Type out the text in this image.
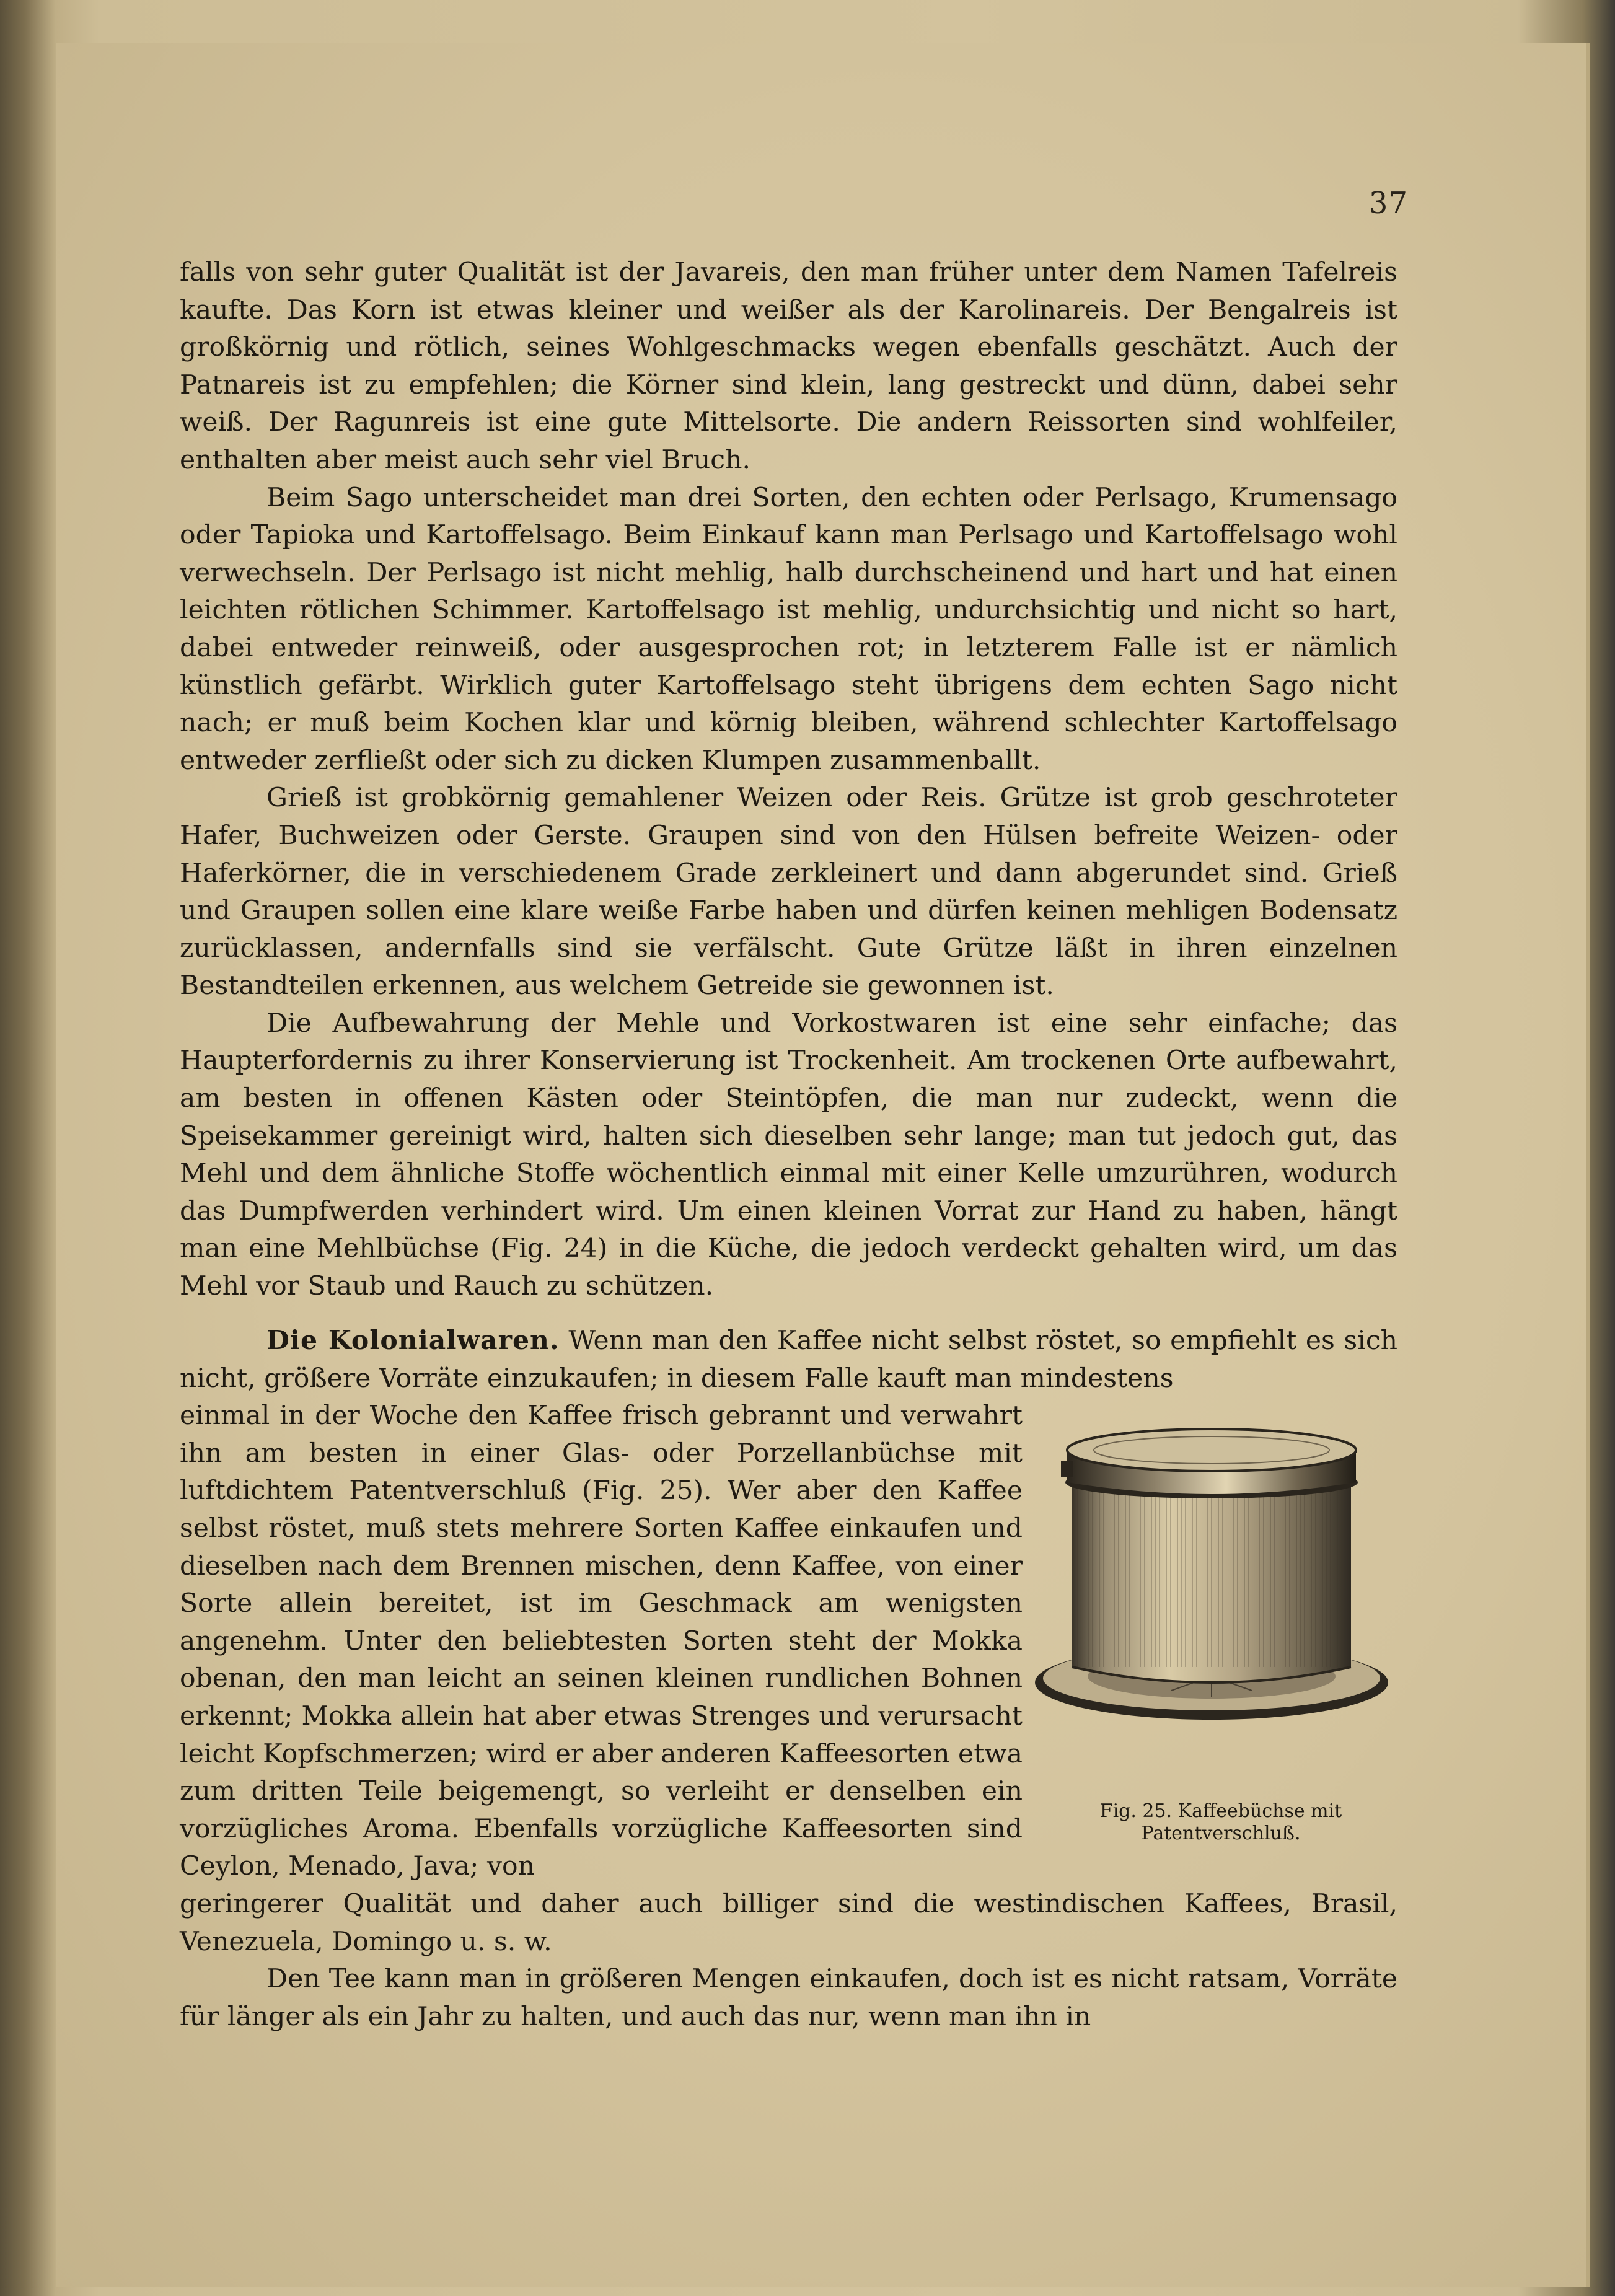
37

falls von sehr guter Qualität ist der Javareis, den man früher unter dem Namen Tafelreis kaufte. Das Korn ist etwas kleiner und weißer als der Karolinareis. Der Bengalreis ist großkörnig und rötlich, seines Wohlgeschmacks wegen ebenfalls geschätzt. Auch der Patnareis ist zu empfehlen; die Körner sind klein, lang gestreckt und dünn, dabei sehr weiß. Der Ragunreis ist eine gute Mittelsorte. Die andern Reissorten sind wohlfeiler, enthalten aber meist auch sehr viel Bruch.

Beim Sago unterscheidet man drei Sorten, den echten oder Perlsago, Krumensago oder Tapioka und Kartoffelsago. Beim Einkauf kann man Perlsago und Kartoffelsago wohl verwechseln. Der Perlsago ist nicht mehlig, halb durchscheinend und hart und hat einen leichten rötlichen Schimmer. Kartoffelsago ist mehlig, undurchsichtig und nicht so hart, dabei entweder reinweiß, oder ausgesprochen rot; in letzterem Falle ist er nämlich künstlich gefärbt. Wirklich guter Kartoffelsago steht übrigens dem echten Sago nicht nach; er muß beim Kochen klar und körnig bleiben, während schlechter Kartoffelsago entweder zerfließt oder sich zu dicken Klumpen zusammenballt.

Grieß ist grobkörnig gemahlener Weizen oder Reis. Grütze ist grob geschroteter Hafer, Buchweizen oder Gerste. Graupen sind von den Hülsen befreite Weizen- oder Haferkörner, die in verschiedenem Grade zerkleinert und dann abgerundet sind. Grieß und Graupen sollen eine klare weiße Farbe haben und dürfen keinen mehligen Bodensatz zurücklassen, andernfalls sind sie verfälscht. Gute Grütze läßt in ihren einzelnen Bestandteilen erkennen, aus welchem Getreide sie gewonnen ist.

Die Aufbewahrung der Mehle und Vorkostwaren ist eine sehr einfache; das Haupterfordernis zu ihrer Konservierung ist Trockenheit. Am trockenen Orte aufbewahrt, am besten in offenen Kästen oder Steintöpfen, die man nur zudeckt, wenn die Speisekammer gereinigt wird, halten sich dieselben sehr lange; man tut jedoch gut, das Mehl und dem ähnliche Stoffe wöchentlich einmal mit einer Kelle umzurühren, wodurch das Dumpfwerden verhindert wird. Um einen kleinen Vorrat zur Hand zu haben, hängt man eine Mehlbüchse (Fig. 24) in die Küche, die jedoch verdeckt gehalten wird, um das Mehl vor Staub und Rauch zu schützen.

Die Kolonialwaren. Wenn man den Kaffee nicht selbst röstet, so empfiehlt es sich nicht, größere Vorräte einzukaufen; in diesem Falle kauft man mindestens

einmal in der Woche den Kaffee frisch gebrannt und verwahrt ihn am besten in einer Glas- oder Porzellanbüchse mit luftdichtem Patentverschluß (Fig. 25). Wer aber den Kaffee selbst röstet, muß stets mehrere Sorten Kaffee einkaufen und dieselben nach dem Brennen mischen, denn Kaffee, von einer Sorte allein bereitet, ist im Geschmack am wenigsten angenehm. Unter den beliebtesten Sorten steht der Mokka obenan, den man leicht an seinen kleinen rundlichen Bohnen erkennt; Mokka allein hat aber etwas Strenges und verursacht leicht Kopfschmerzen; wird er aber anderen Kaffeesorten etwa zum dritten Teile beigemengt, so verleiht er denselben ein vorzügliches Aroma. Ebenfalls vorzügliche Kaffeesorten sind Ceylon, Menado, Java; von

geringerer Qualität und daher auch billiger sind die westindischen Kaffees, Brasil, Venezuela, Domingo u. s. w.

Den Tee kann man in größeren Mengen einkaufen, doch ist es nicht ratsam, Vorräte für länger als ein Jahr zu halten, und auch das nur, wenn man ihn in

Fig. 25. Kaffeebüchse mit
Patentverschluß.
